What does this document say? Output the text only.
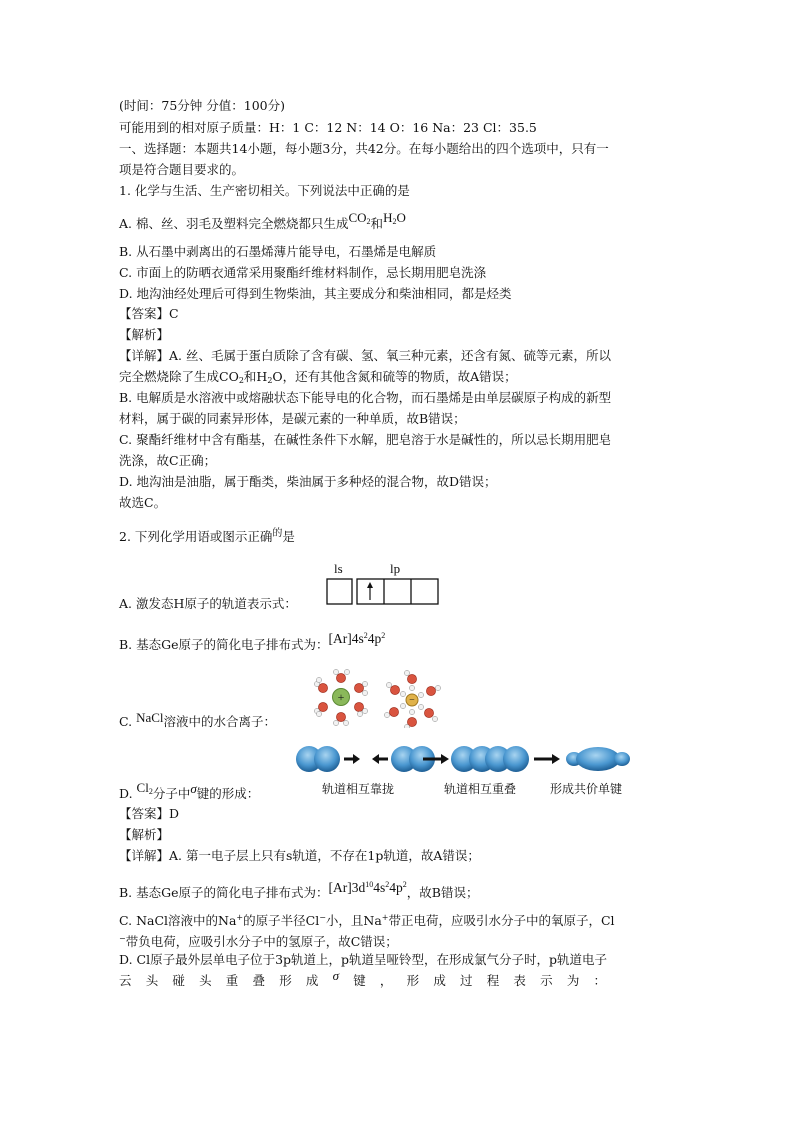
(时间：75分钟 分值：100分)
可能用到的相对原子质量：H：1 C：12 N：14 O：16 Na：23 Cl：35.5
一、选择题：本题共14小题，每小题3分，共42分。在每小题给出的四个选项中，只有一
项是符合题目要求的。
1. 化学与生活、生产密切相关。下列说法中正确的是
A. 棉、丝、羽毛及塑料完全燃烧都只生成$CO_2$和$H_2O$
B. 从石墨中剥离出的石墨烯薄片能导电，石墨烯是电解质
C. 市面上的防晒衣通常采用聚酯纤维材料制作，忌长期用肥皂洗涤
D. 地沟油经处理后可得到生物柴油，其主要成分和柴油相同，都是烃类
【答案】C
【解析】
【详解】A. 丝、毛属于蛋白质除了含有碳、氢、氧三种元素，还含有氮、硫等元素，所以
完全燃烧除了生成$CO_2$和$H_2O$，还有其他含氮和硫等的物质，故A错误；
B. 电解质是水溶液中或熔融状态下能导电的化合物，而石墨烯是由单层碳原子构成的新型
材料，属于碳的同素异形体，是碳元素的一种单质，故B错误；
C. 聚酯纤维材中含有酯基，在碱性条件下水解，肥皂溶于水是碱性的，所以忌长期用肥皂
洗涤，故C正确；
D. 地沟油是油脂，属于酯类，柴油属于多种烃的混合物，故D错误；
故选C。
2. 下列化学用语或图示正确$^的$是
ls	lp
A. 激发态H原子的轨道表示式：
B. 基态Ge原子的简化电子排布式为：$[Ar]4s^24p^2$
+	−
C. NaCl溶液中的水合离子：
轨道相互靠拢	轨道相互重叠	形成共价单键
D. $Cl_2$分子中σ键的形成：
【答案】D
【解析】
【详解】A. 第一电子层上只有s轨道，不存在1p轨道，故A错误；
B. 基态Ge原子的简化电子排布式为：$[Ar]3d^{10}4s^24p^2$，故B错误；
C. NaCl溶液中的Na+的原子半径Cl−小，且Na+带正电荷，应吸引水分子中的氧原子，Cl
−带负电荷，应吸引水分子中的氢原子，故C错误；
D. Cl原子最外层单电子位于3p轨道上，p轨道呈哑铃型，在形成氯气分子时，p轨道电子
云头碰头重叠形成σ键，形成过程表示为：
